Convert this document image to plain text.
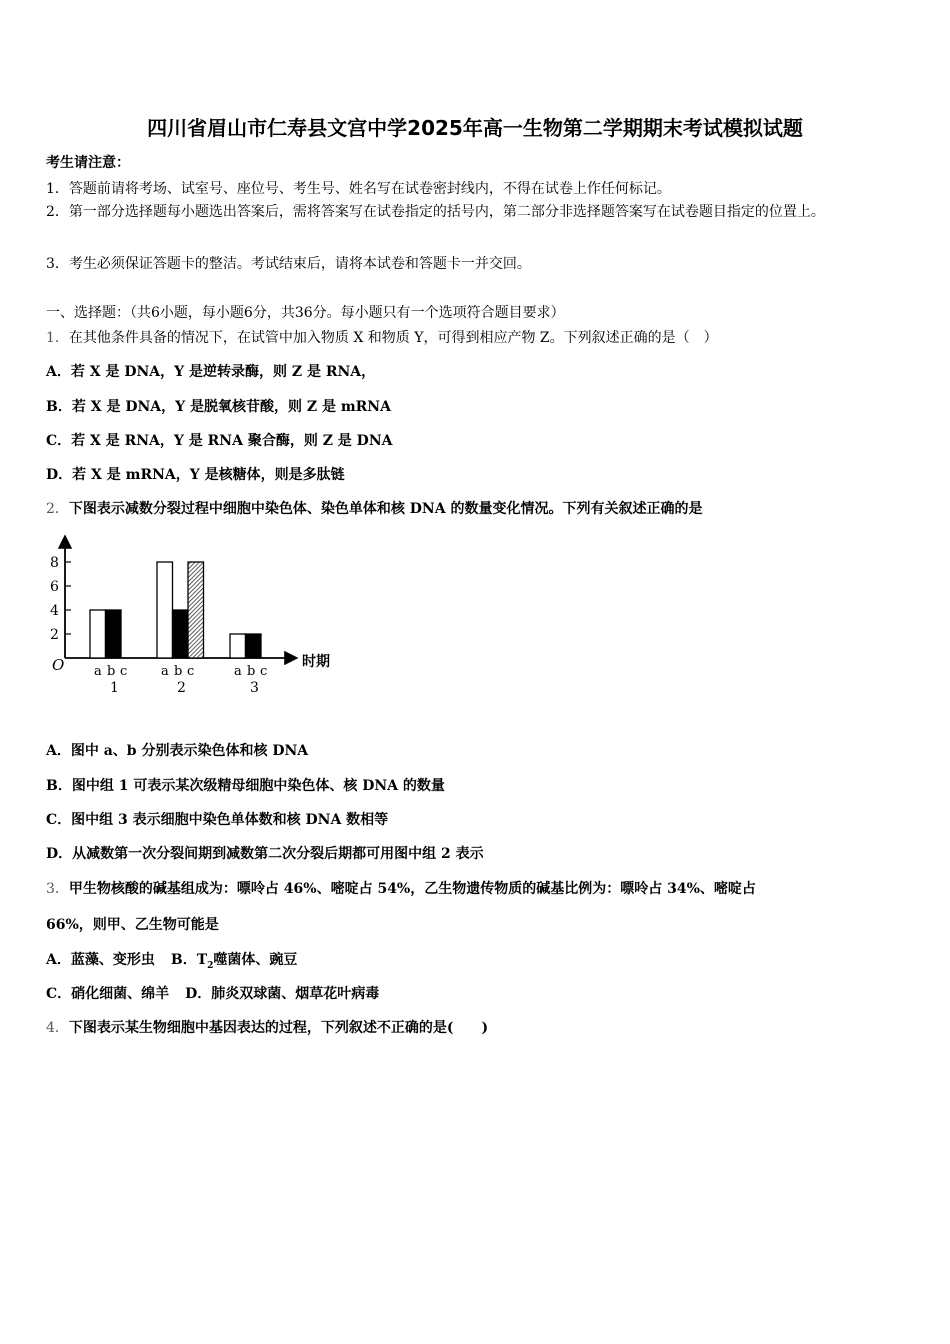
四川省眉山市仁寿县文宫中学2025年高一生物第二学期期末考试模拟试题
考生请注意：
1．答题前请将考场、试室号、座位号、考生号、姓名写在试卷密封线内，不得在试卷上作任何标记。
2．第一部分选择题每小题选出答案后，需将答案写在试卷指定的括号内，第二部分非选择题答案写在试卷题目指定的位置上。
3．考生必须保证答题卡的整洁。考试结束后，请将本试卷和答题卡一并交回。
一、选择题：（共6小题，每小题6分，共36分。每小题只有一个选项符合题目要求）
1．在其他条件具备的情况下，在试管中加入物质 X 和物质 Y，可得到相应产物 Z。下列叙述正确的是（　）
A．若 X 是 DNA，Y 是逆转录酶，则 Z 是 RNA，
B．若 X 是 DNA，Y 是脱氧核苷酸，则 Z 是 mRNA
C．若 X 是 RNA，Y 是 RNA 聚合酶，则 Z 是 DNA
D．若 X 是 mRNA，Y 是核糖体，则是多肽链
2．下图表示减数分裂过程中细胞中染色体、染色单体和核 DNA 的数量变化情况。下列有关叙述正确的是
O	时期
2
4
6
8
a b c
1
a b c
2
a b c
3
A．图中 a、b 分别表示染色体和核 DNA
B．图中组 1 可表示某次级精母细胞中染色体、核 DNA 的数量
C．图中组 3 表示细胞中染色单体数和核 DNA 数相等
D．从减数第一次分裂间期到减数第二次分裂后期都可用图中组 2 表示
3．甲生物核酸的碱基组成为：嘌呤占 46%、嘧啶占 54%，乙生物遗传物质的碱基比例为：嘌呤占 34%、嘧啶占
66%，则甲、乙生物可能是
A．蓝藻、变形虫 B．$T_2$噬菌体、豌豆
C．硝化细菌、绵羊 D．肺炎双球菌、烟草花叶病毒
4．下图表示某生物细胞中基因表达的过程，下列叙述不正确的是(　　)
